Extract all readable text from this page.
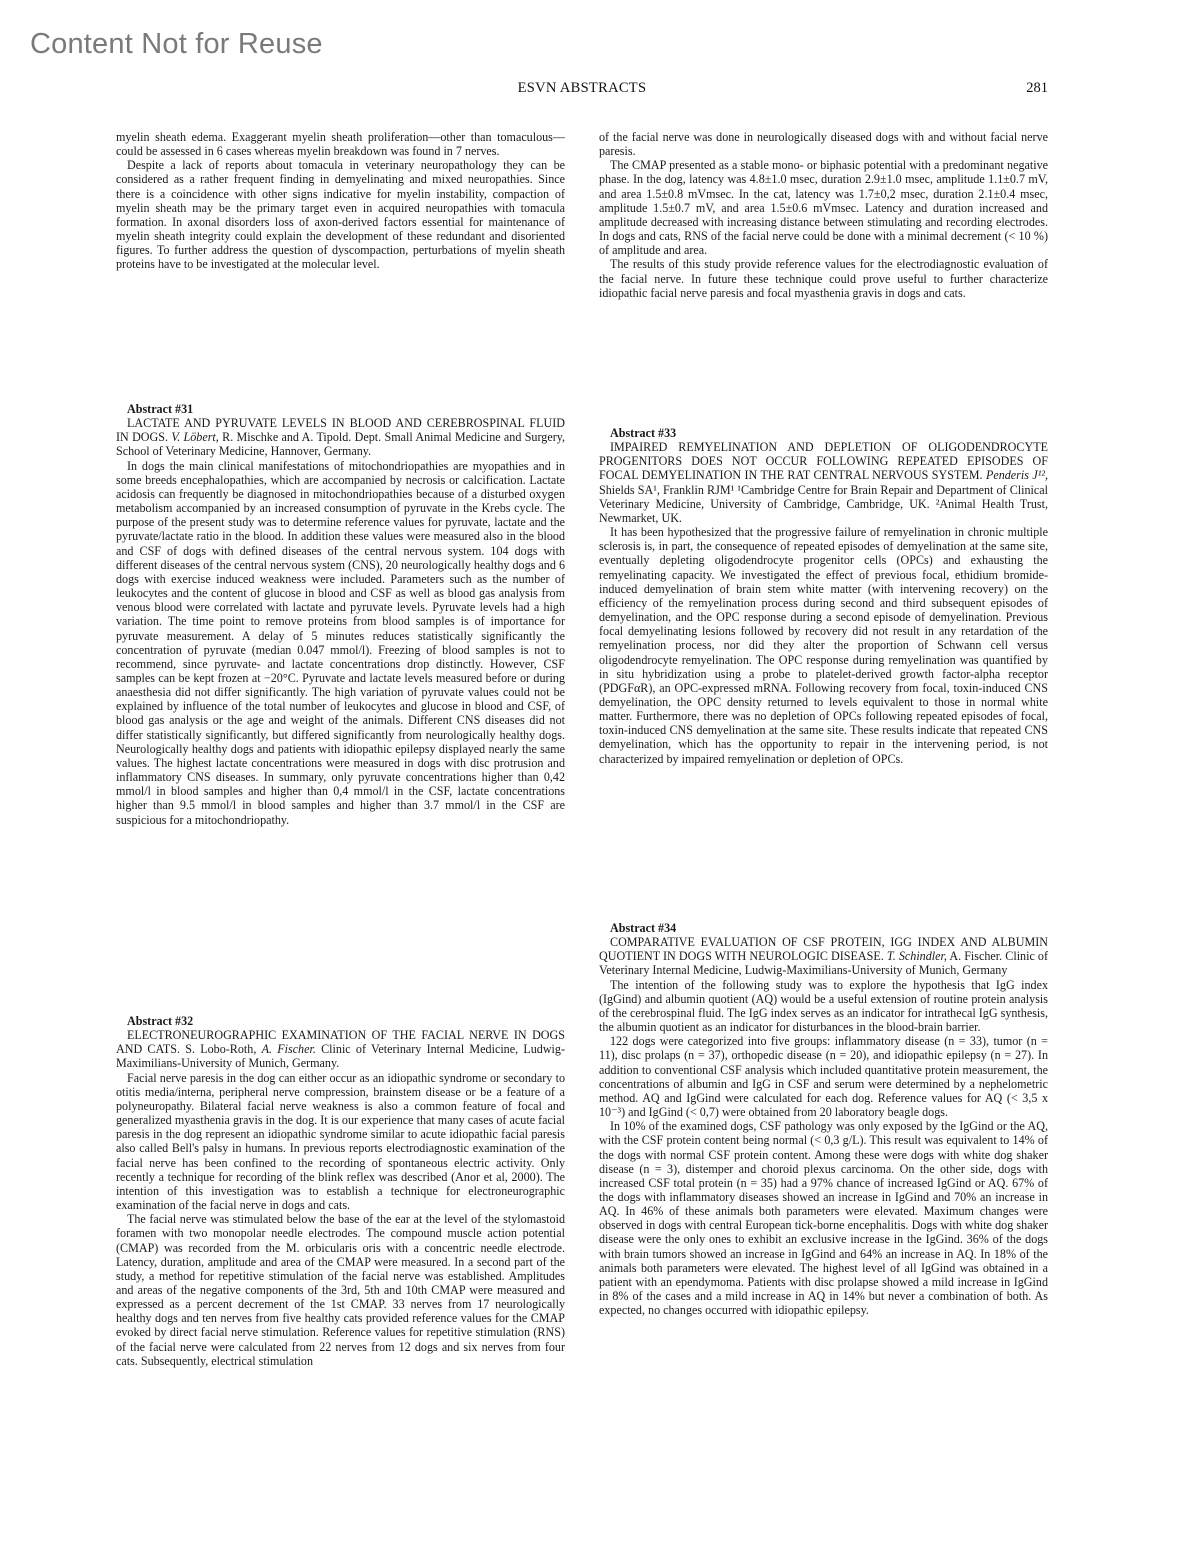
Content Not for Reuse
ESVN ABSTRACTS	281

myelin sheath edema. Exaggerant myelin sheath proliferation—other than tomaculous—could be assessed in 6 cases whereas myelin breakdown was found in 7 nerves.

Despite a lack of reports about tomacula in veterinary neuropathology they can be considered as a rather frequent finding in demyelinating and mixed neuropathies. Since there is a coincidence with other signs indicative for myelin instability, compaction of myelin sheath may be the primary target even in acquired neuropathies with tomacula formation. In axonal disorders loss of axon-derived factors essential for maintenance of myelin sheath integrity could explain the development of these redundant and disoriented figures. To further address the question of dyscompaction, perturbations of myelin sheath proteins have to be investigated at the molecular level.

Abstract #31

LACTATE AND PYRUVATE LEVELS IN BLOOD AND CEREBROSPINAL FLUID IN DOGS. V. Löbert, R. Mischke and A. Tipold. Dept. Small Animal Medicine and Surgery, School of Veterinary Medicine, Hannover, Germany.

In dogs the main clinical manifestations of mitochondriopathies are myopathies and in some breeds encephalopathies, which are accompanied by necrosis or calcification. Lactate acidosis can frequently be diagnosed in mitochondriopathies because of a disturbed oxygen metabolism accompanied by an increased consumption of pyruvate in the Krebs cycle. The purpose of the present study was to determine reference values for pyruvate, lactate and the pyruvate/lactate ratio in the blood. In addition these values were measured also in the blood and CSF of dogs with defined diseases of the central nervous system. 104 dogs with different diseases of the central nervous system (CNS), 20 neurologically healthy dogs and 6 dogs with exercise induced weakness were included. Parameters such as the number of leukocytes and the content of glucose in blood and CSF as well as blood gas analysis from venous blood were correlated with lactate and pyruvate levels. Pyruvate levels had a high variation. The time point to remove proteins from blood samples is of importance for pyruvate measurement. A delay of 5 minutes reduces statistically significantly the concentration of pyruvate (median 0.047 mmol/l). Freezing of blood samples is not to recommend, since pyruvate- and lactate concentrations drop distinctly. However, CSF samples can be kept frozen at −20°C. Pyruvate and lactate levels measured before or during anaesthesia did not differ significantly. The high variation of pyruvate values could not be explained by influence of the total number of leukocytes and glucose in blood and CSF, of blood gas analysis or the age and weight of the animals. Different CNS diseases did not differ statistically significantly, but differed significantly from neurologically healthy dogs. Neurologically healthy dogs and patients with idiopathic epilepsy displayed nearly the same values. The highest lactate concentrations were measured in dogs with disc protrusion and inflammatory CNS diseases. In summary, only pyruvate concentrations higher than 0,42 mmol/l in blood samples and higher than 0,4 mmol/l in the CSF, lactate concentrations higher than 9.5 mmol/l in blood samples and higher than 3.7 mmol/l in the CSF are suspicious for a mitochondriopathy.

Abstract #32

ELECTRONEUROGRAPHIC EXAMINATION OF THE FACIAL NERVE IN DOGS AND CATS. S. Lobo-Roth, A. Fischer. Clinic of Veterinary Internal Medicine, Ludwig-Maximilians-University of Munich, Germany.

Facial nerve paresis in the dog can either occur as an idiopathic syndrome or secondary to otitis media/interna, peripheral nerve compression, brainstem disease or be a feature of a polyneuropathy. Bilateral facial nerve weakness is also a common feature of focal and generalized myasthenia gravis in the dog. It is our experience that many cases of acute facial paresis in the dog represent an idiopathic syndrome similar to acute idiopathic facial paresis also called Bell's palsy in humans. In previous reports electrodiagnostic examination of the facial nerve has been confined to the recording of spontaneous electric activity. Only recently a technique for recording of the blink reflex was described (Anor et al, 2000). The intention of this investigation was to establish a technique for electroneurographic examination of the facial nerve in dogs and cats.

The facial nerve was stimulated below the base of the ear at the level of the stylomastoid foramen with two monopolar needle electrodes. The compound muscle action potential (CMAP) was recorded from the M. orbicularis oris with a concentric needle electrode. Latency, duration, amplitude and area of the CMAP were measured. In a second part of the study, a method for repetitive stimulation of the facial nerve was established. Amplitudes and areas of the negative components of the 3rd, 5th and 10th CMAP were measured and expressed as a percent decrement of the 1st CMAP. 33 nerves from 17 neurologically healthy dogs and ten nerves from five healthy cats provided reference values for the CMAP evoked by direct facial nerve stimulation. Reference values for repetitive stimulation (RNS) of the facial nerve were calculated from 22 nerves from 12 dogs and six nerves from four cats. Subsequently, electrical stimulation

of the facial nerve was done in neurologically diseased dogs with and without facial nerve paresis.

The CMAP presented as a stable mono- or biphasic potential with a predominant negative phase. In the dog, latency was 4.8±1.0 msec, duration 2.9±1.0 msec, amplitude 1.1±0.7 mV, and area 1.5±0.8 mVmsec. In the cat, latency was 1.7±0,2 msec, duration 2.1±0.4 msec, amplitude 1.5±0.7 mV, and area 1.5±0.6 mVmsec. Latency and duration increased and amplitude decreased with increasing distance between stimulating and recording electrodes. In dogs and cats, RNS of the facial nerve could be done with a minimal decrement (< 10 %) of amplitude and area.

The results of this study provide reference values for the electrodiagnostic evaluation of the facial nerve. In future these technique could prove useful to further characterize idiopathic facial nerve paresis and focal myasthenia gravis in dogs and cats.

Abstract #33

IMPAIRED REMYELINATION AND DEPLETION OF OLIGODENDROCYTE PROGENITORS DOES NOT OCCUR FOLLOWING REPEATED EPISODES OF FOCAL DEMYELINATION IN THE RAT CENTRAL NERVOUS SYSTEM. Penderis J¹², Shields SA¹, Franklin RJM¹ ¹Cambridge Centre for Brain Repair and Department of Clinical Veterinary Medicine, University of Cambridge, Cambridge, UK. ²Animal Health Trust, Newmarket, UK.

It has been hypothesized that the progressive failure of remyelination in chronic multiple sclerosis is, in part, the consequence of repeated episodes of demyelination at the same site, eventually depleting oligodendrocyte progenitor cells (OPCs) and exhausting the remyelinating capacity. We investigated the effect of previous focal, ethidium bromide-induced demyelination of brain stem white matter (with intervening recovery) on the efficiency of the remyelination process during second and third subsequent episodes of demyelination, and the OPC response during a second episode of demyelination. Previous focal demyelinating lesions followed by recovery did not result in any retardation of the remyelination process, nor did they alter the proportion of Schwann cell versus oligodendrocyte remyelination. The OPC response during remyelination was quantified by in situ hybridization using a probe to platelet-derived growth factor-alpha receptor (PDGFαR), an OPC-expressed mRNA. Following recovery from focal, toxin-induced CNS demyelination, the OPC density returned to levels equivalent to those in normal white matter. Furthermore, there was no depletion of OPCs following repeated episodes of focal, toxin-induced CNS demyelination at the same site. These results indicate that repeated CNS demyelination, which has the opportunity to repair in the intervening period, is not characterized by impaired remyelination or depletion of OPCs.

Abstract #34

COMPARATIVE EVALUATION OF CSF PROTEIN, IGG INDEX AND ALBUMIN QUOTIENT IN DOGS WITH NEUROLOGIC DISEASE. T. Schindler, A. Fischer. Clinic of Veterinary Internal Medicine, Ludwig-Maximilians-University of Munich, Germany

The intention of the following study was to explore the hypothesis that IgG index (IgGind) and albumin quotient (AQ) would be a useful extension of routine protein analysis of the cerebrospinal fluid. The IgG index serves as an indicator for intrathecal IgG synthesis, the albumin quotient as an indicator for disturbances in the blood-brain barrier.

122 dogs were categorized into five groups: inflammatory disease (n = 33), tumor (n = 11), disc prolaps (n = 37), orthopedic disease (n = 20), and idiopathic epilepsy (n = 27). In addition to conventional CSF analysis which included quantitative protein measurement, the concentrations of albumin and IgG in CSF and serum were determined by a nephelometric method. AQ and IgGind were calculated for each dog. Reference values for AQ (< 3,5 x 10⁻³) and IgGind (< 0,7) were obtained from 20 laboratory beagle dogs.

In 10% of the examined dogs, CSF pathology was only exposed by the IgGind or the AQ, with the CSF protein content being normal (< 0,3 g/L). This result was equivalent to 14% of the dogs with normal CSF protein content. Among these were dogs with white dog shaker disease (n = 3), distemper and choroid plexus carcinoma. On the other side, dogs with increased CSF total protein (n = 35) had a 97% chance of increased IgGind or AQ. 67% of the dogs with inflammatory diseases showed an increase in IgGind and 70% an increase in AQ. In 46% of these animals both parameters were elevated. Maximum changes were observed in dogs with central European tick-borne encephalitis. Dogs with white dog shaker disease were the only ones to exhibit an exclusive increase in the IgGind. 36% of the dogs with brain tumors showed an increase in IgGind and 64% an increase in AQ. In 18% of the animals both parameters were elevated. The highest level of all IgGind was obtained in a patient with an ependymoma. Patients with disc prolapse showed a mild increase in IgGind in 8% of the cases and a mild increase in AQ in 14% but never a combination of both. As expected, no changes occurred with idiopathic epilepsy.
